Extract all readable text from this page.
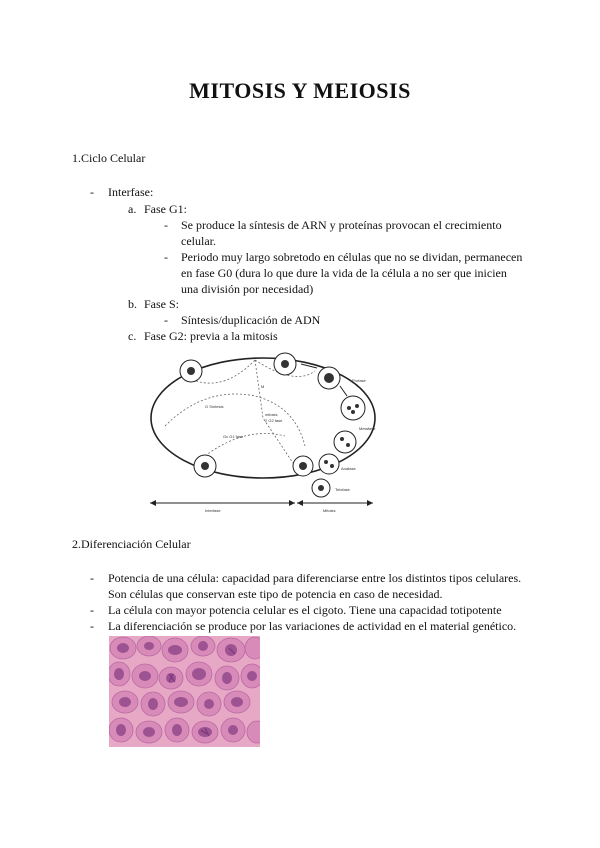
MITOSIS Y MEIOSIS
1.Ciclo Celular
- Interfase:
a. Fase G1:
- Se produce la síntesis de ARN y proteínas provocan el crecimiento
celular.
- Periodo muy largo sobretodo en células que no se dividan, permanecen
en fase G0 (dura lo que dure la vida de la célula a no ser que inicien
una división por necesidad)
b. Fase S:
- Síntesis/duplicación de ADN
c. Fase G2: previa a la mitosis
G Síntesis
mitosis
2 G2 fase
Gc G1 fase
M
Profase
Metafase
Anafase
Telofase
Interfase	Mitosis
2.Diferenciación Celular
- Potencia de una célula: capacidad para diferenciarse entre los distintos tipos celulares.
Son células que conservan este tipo de potencia en caso de necesidad.
- La célula con mayor potencia celular es el cigoto. Tiene una capacidad totipotente
- La diferenciación se produce por las variaciones de actividad en el material genético.
